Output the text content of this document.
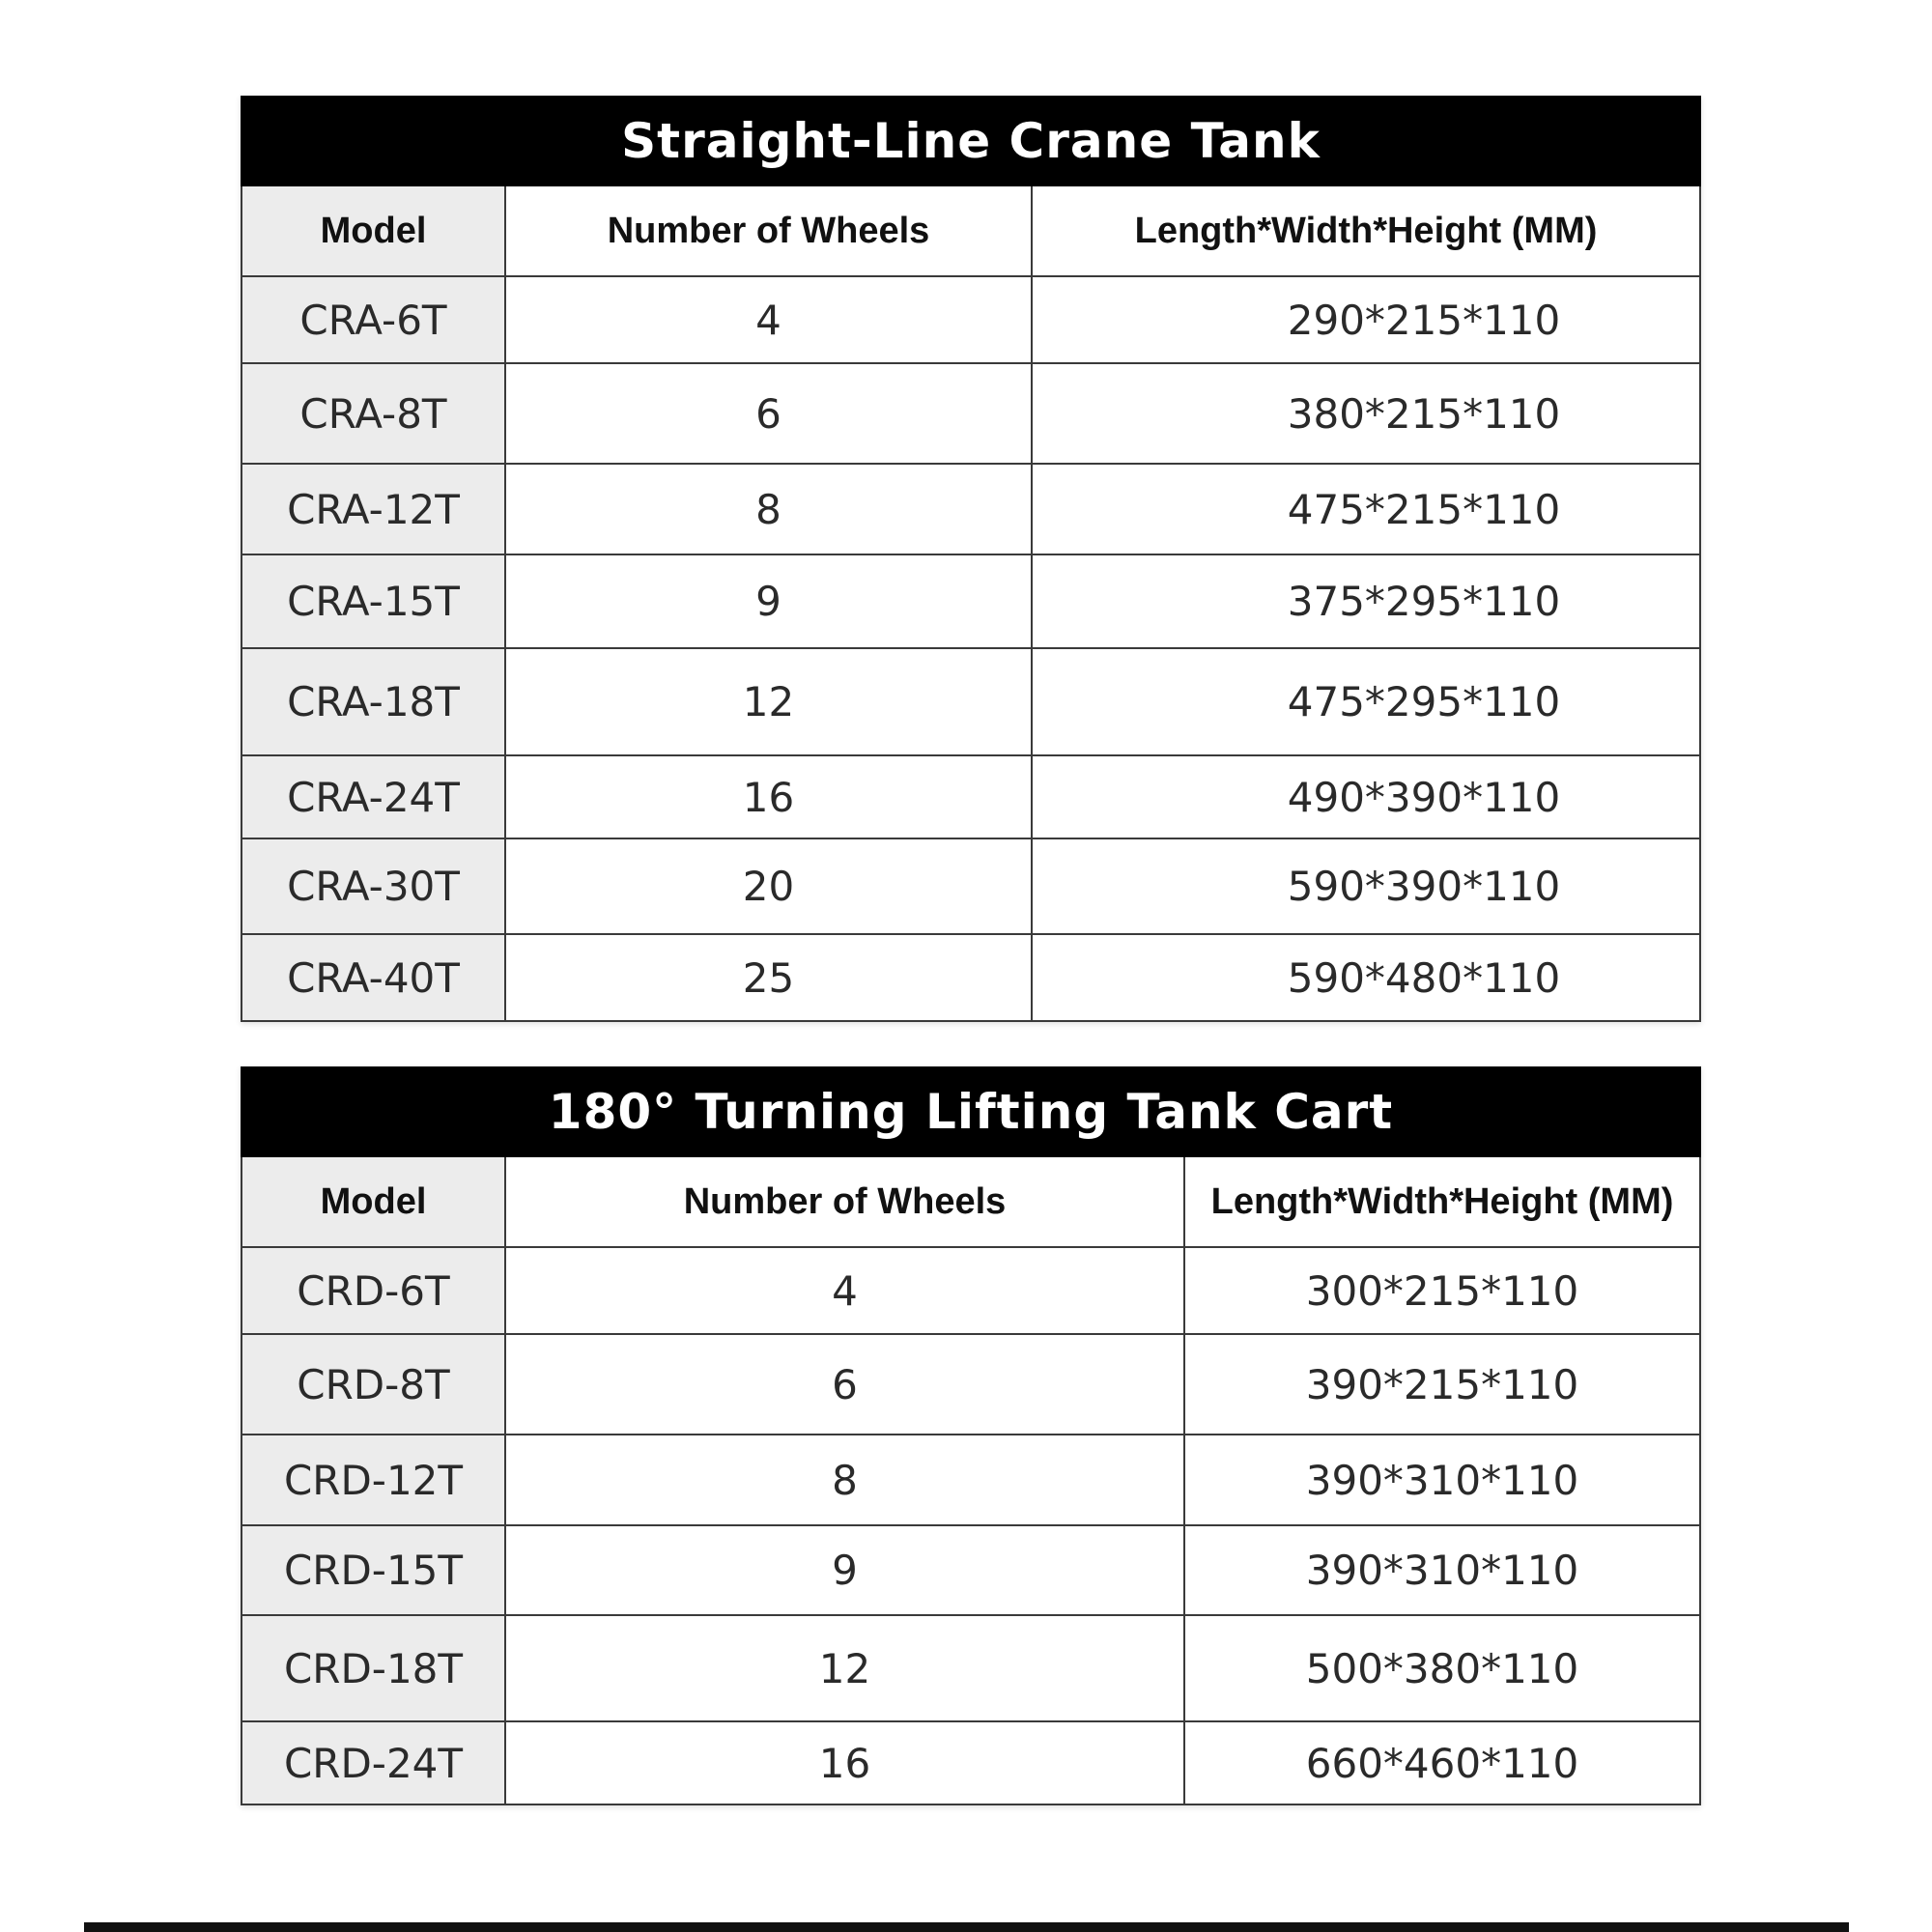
Straight-Line Crane Tank		
Model	Number of Wheels	Length*Width*Height (MM)
CRA-6T	4	290*215*110
CRA-8T	6	380*215*110
CRA-12T	8	475*215*110
CRA-15T	9	375*295*110
CRA-18T	12	475*295*110
CRA-24T	16	490*390*110
CRA-30T	20	590*390*110
CRA-40T	25	590*480*110
180° Turning Lifting Tank Cart		
Model	Number of Wheels	Length*Width*Height (MM)
CRD-6T	4	300*215*110
CRD-8T	6	390*215*110
CRD-12T	8	390*310*110
CRD-15T	9	390*310*110
CRD-18T	12	500*380*110
CRD-24T	16	660*460*110
